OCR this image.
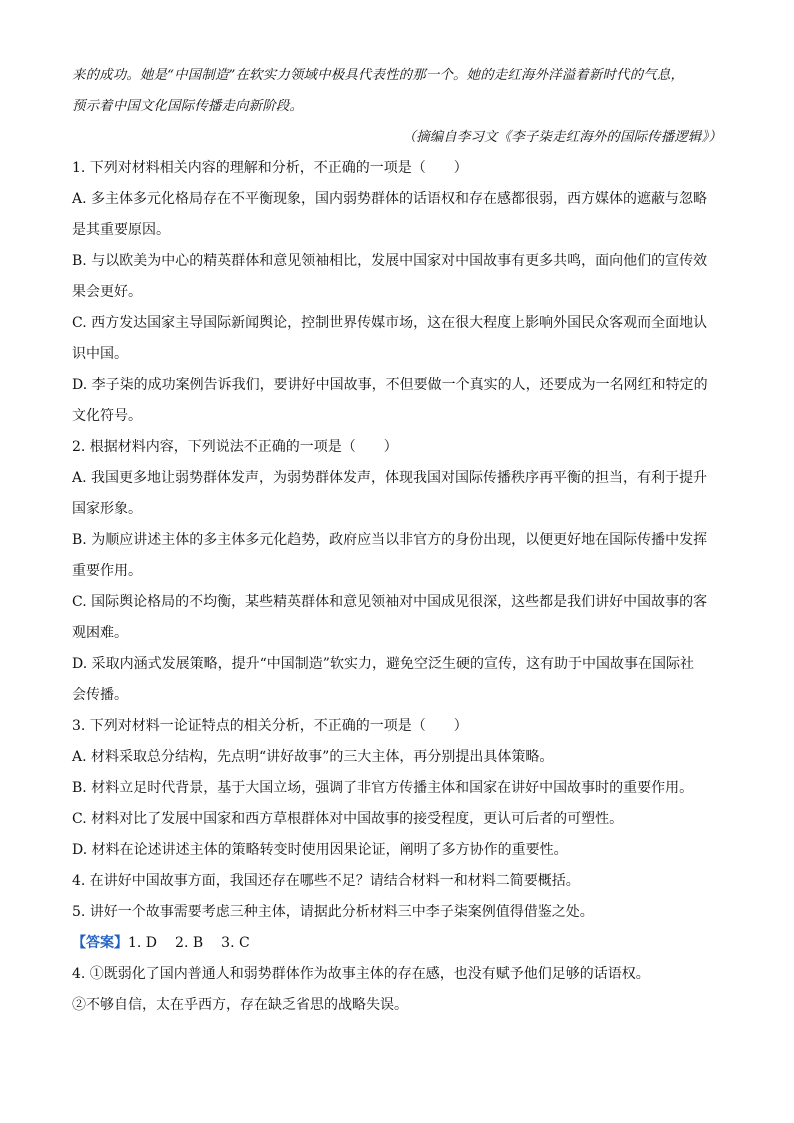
来的成功。她是“中国制造”在软实力领域中极具代表性的那一个。她的走红海外洋溢着新时代的气息，
预示着中国文化国际传播走向新阶段。
（摘编自李习文《李子柒走红海外的国际传播逻辑》）
1. 下列对材料相关内容的理解和分析，不正确的一项是（　　）
A. 多主体多元化格局存在不平衡现象，国内弱势群体的话语权和存在感都很弱，西方媒体的遮蔽与忽略
是其重要原因。
B. 与以欧美为中心的精英群体和意见领袖相比，发展中国家对中国故事有更多共鸣，面向他们的宣传效
果会更好。
C. 西方发达国家主导国际新闻舆论，控制世界传媒市场，这在很大程度上影响外国民众客观而全面地认
识中国。
D. 李子柒的成功案例告诉我们，要讲好中国故事，不但要做一个真实的人，还要成为一名网红和特定的
文化符号。
2. 根据材料内容，下列说法不正确的一项是（　　）
A. 我国更多地让弱势群体发声，为弱势群体发声，体现我国对国际传播秩序再平衡的担当，有利于提升
国家形象。
B. 为顺应讲述主体的多主体多元化趋势，政府应当以非官方的身份出现，以便更好地在国际传播中发挥
重要作用。
C. 国际舆论格局的不均衡，某些精英群体和意见领袖对中国成见很深，这些都是我们讲好中国故事的客
观困难。
D. 采取内涵式发展策略，提升“中国制造”软实力，避免空泛生硬的宣传，这有助于中国故事在国际社
会传播。
3. 下列对材料一论证特点的相关分析，不正确的一项是（　　）
A. 材料采取总分结构，先点明“讲好故事”的三大主体，再分别提出具体策略。
B. 材料立足时代背景，基于大国立场，强调了非官方传播主体和国家在讲好中国故事时的重要作用。
C. 材料对比了发展中国家和西方草根群体对中国故事的接受程度，更认可后者的可塑性。
D. 材料在论述讲述主体的策略转变时使用因果论证，阐明了多方协作的重要性。
4. 在讲好中国故事方面，我国还存在哪些不足？请结合材料一和材料二简要概括。
5. 讲好一个故事需要考虑三种主体，请据此分析材料三中李子柒案例值得借鉴之处。
【答案】1. D 2. B 3. C
4. ①既弱化了国内普通人和弱势群体作为故事主体的存在感，也没有赋予他们足够的话语权。
②不够自信，太在乎西方，存在缺乏省思的战略失误。
